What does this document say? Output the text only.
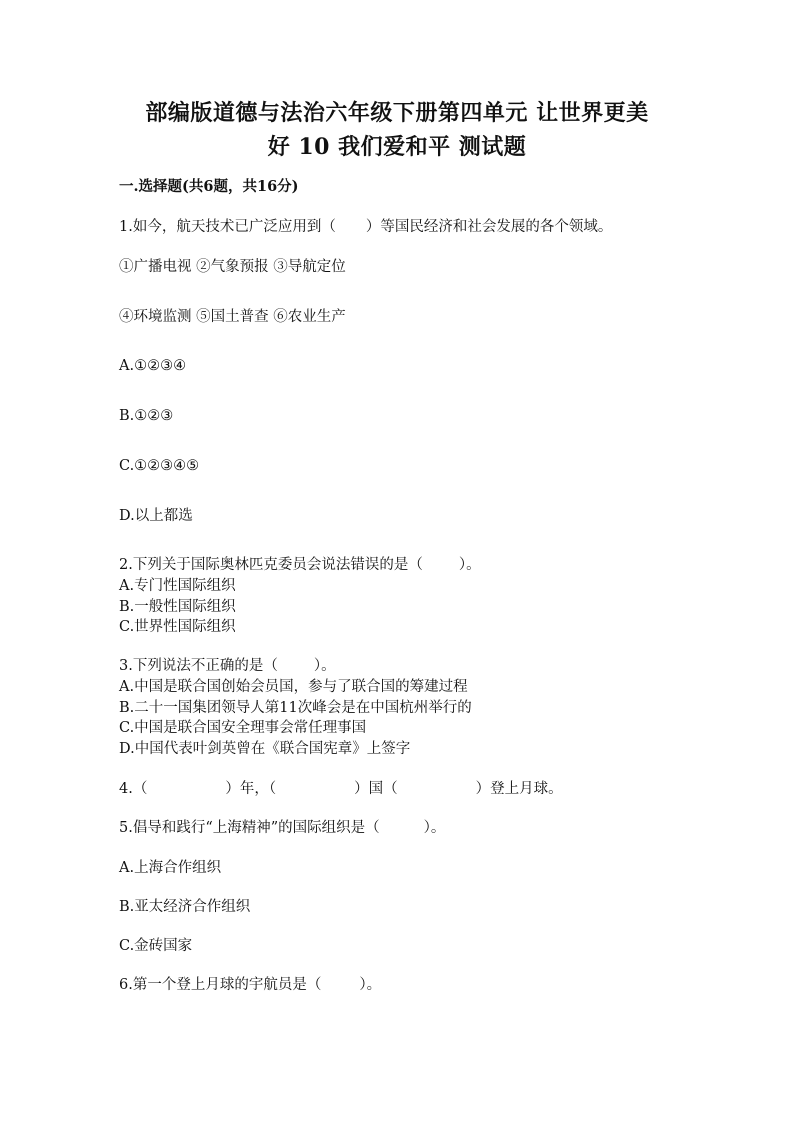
部编版道德与法治六年级下册第四单元 让世界更美
好 10 我们爱和平 测试题
一.选择题(共6题，共16分)
1.如今，航天技术已广泛应用到（ ）等国民经济和社会发展的各个领域。
①广播电视 ②气象预报 ③导航定位
④环境监测 ⑤国土普查 ⑥农业生产
A.①②③④
B.①②③
C.①②③④⑤
D.以上都选
2.下列关于国际奥林匹克委员会说法错误的是（ ）。
A.专门性国际组织
B.一般性国际组织
C.世界性国际组织
3.下列说法不正确的是（ ）。
A.中国是联合国创始会员国，参与了联合国的筹建过程
B.二十一国集团领导人第11次峰会是在中国杭州举行的
C.中国是联合国安全理事会常任理事国
D.中国代表叶剑英曾在《联合国宪章》上签字
4.（	）年，（	）国（	）登上月球。
5.倡导和践行“上海精神”的国际组织是（	）。
A.上海合作组织
B.亚太经济合作组织
C.金砖国家
6.第一个登上月球的宇航员是（	）。
